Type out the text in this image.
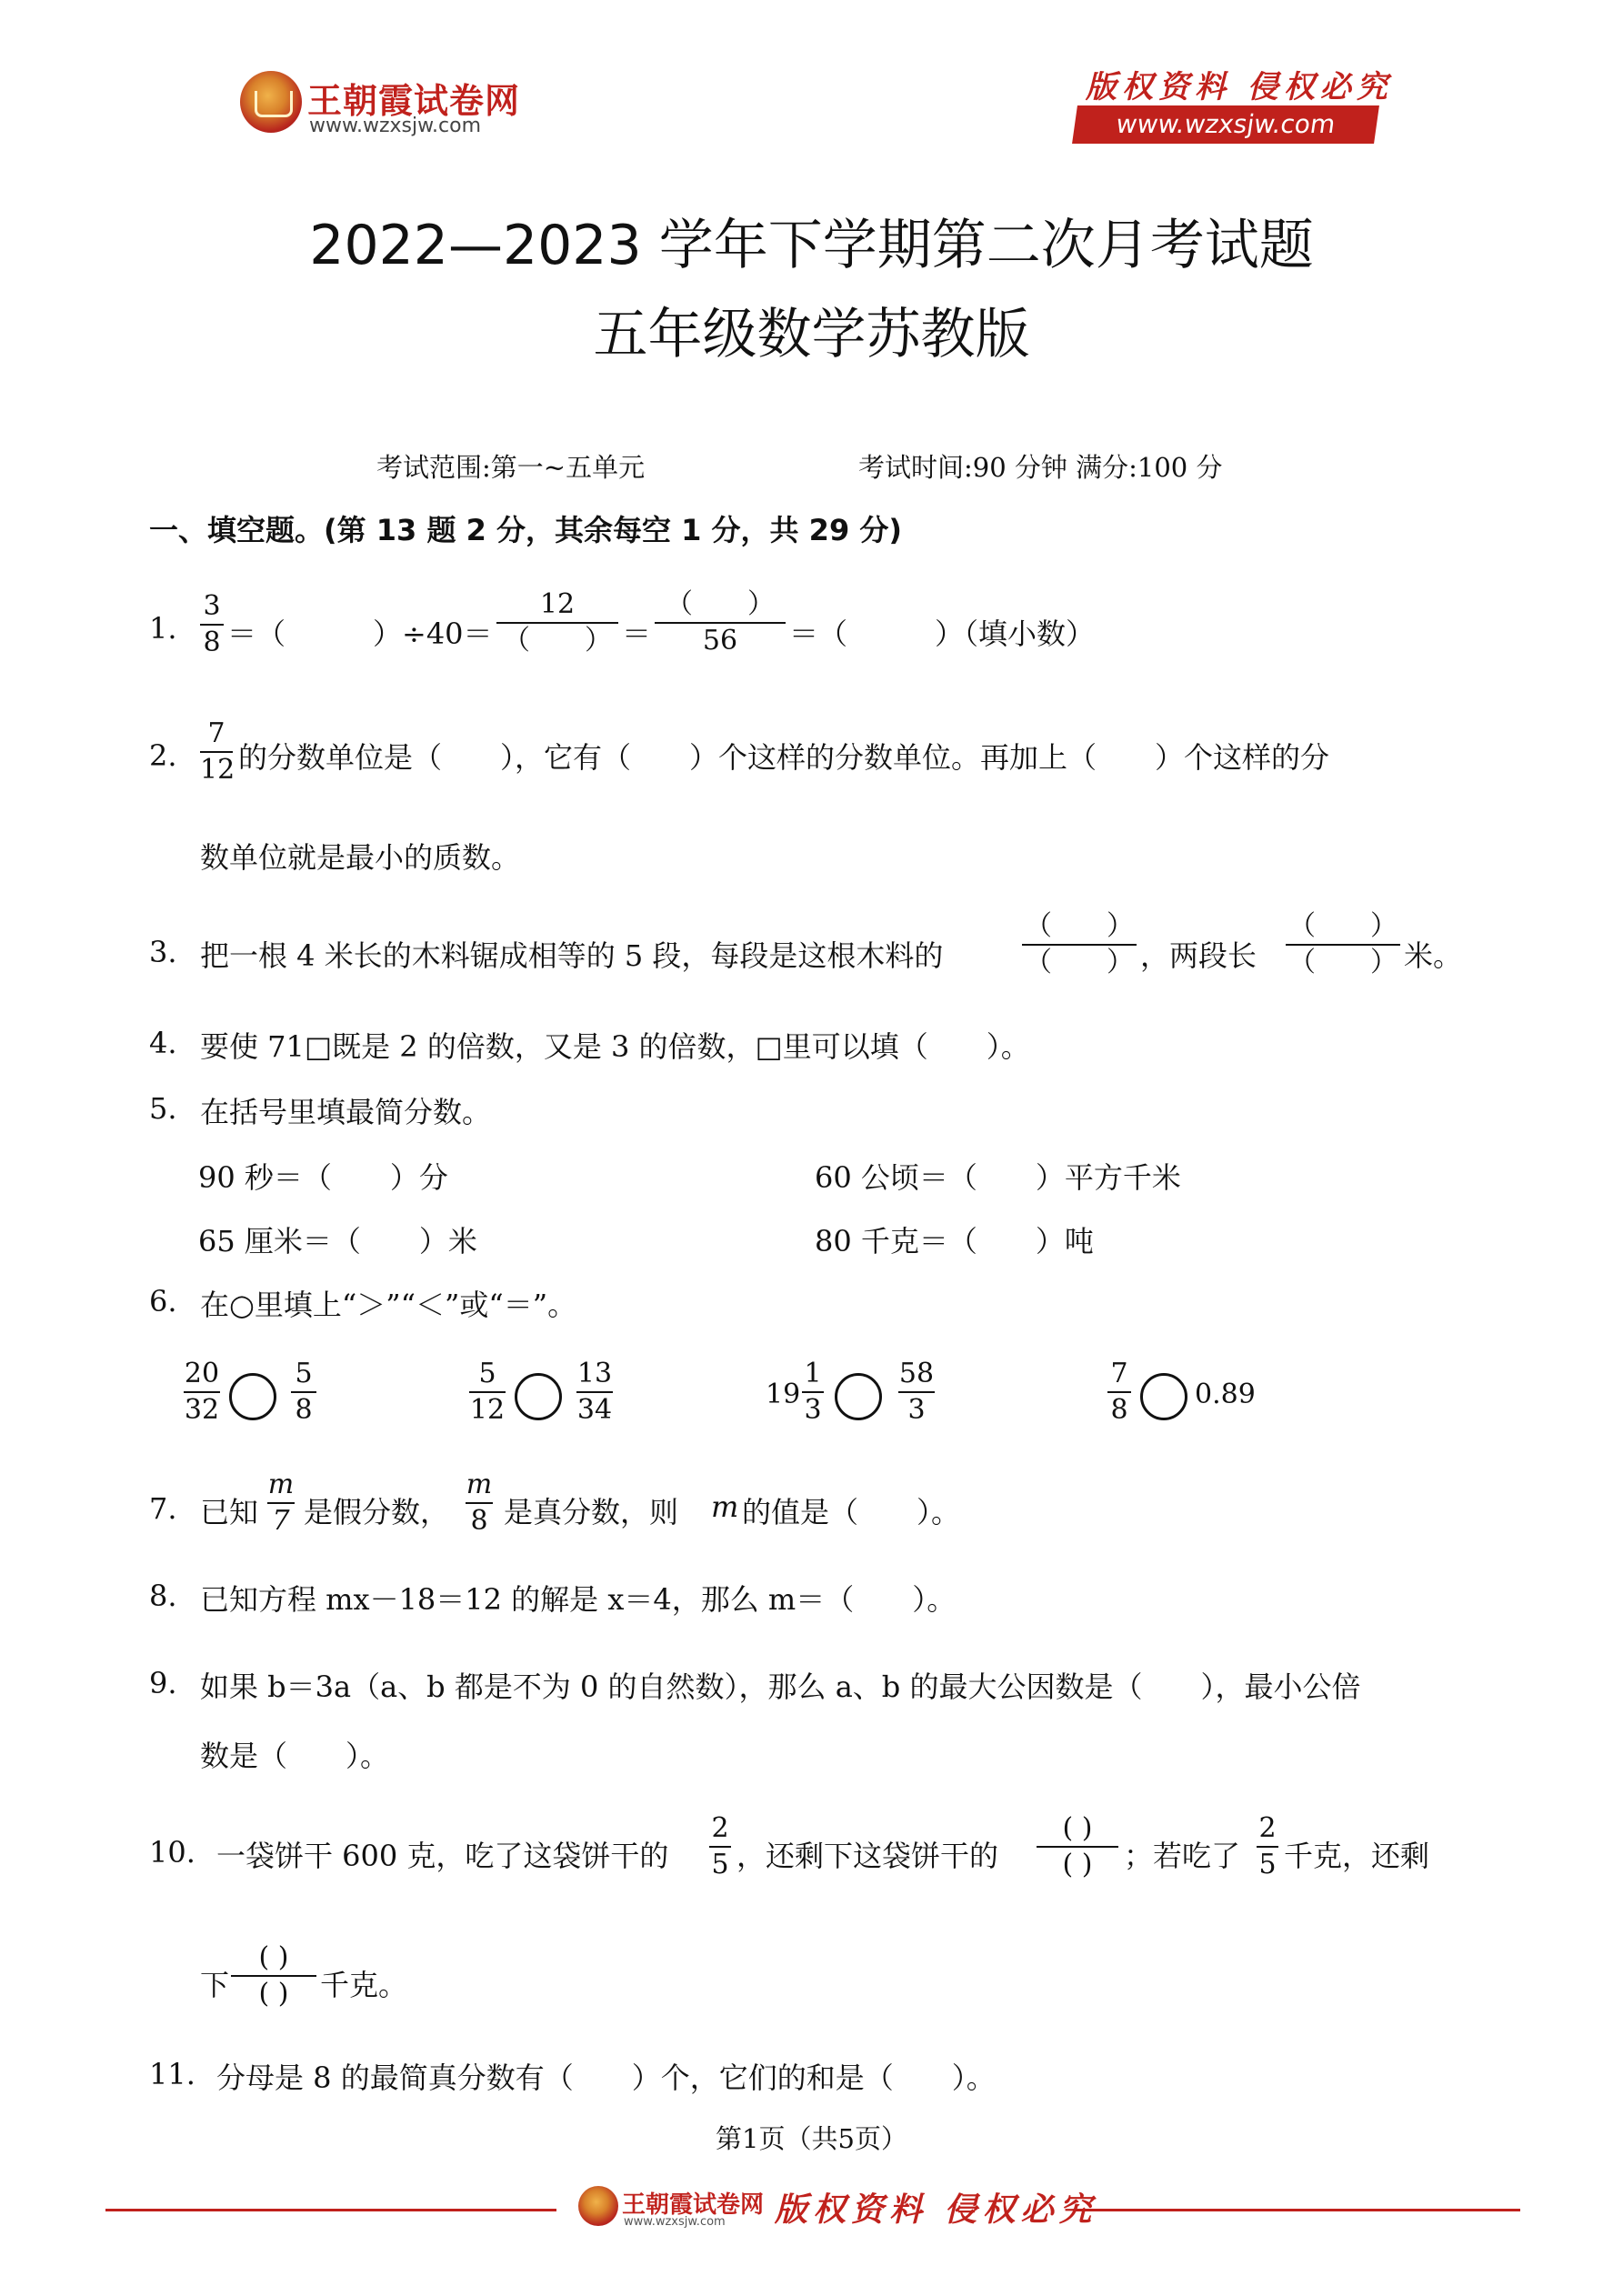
王朝霞试卷网
www.wzxsjw.com
版权资料 侵权必究
www.wzxsjw.com
2022—2023 学年下学期第二次月考试题
五年级数学苏教版
考试范围:第一~五单元	考试时间:90 分钟 满分:100 分
一、填空题。(第 13 题 2 分，其余每空 1 分，共 29 分)
1.
3
8 ＝（　　　）÷40＝
12
（　　） ＝
（　　）
56	＝（　　　）（填小数）
2.
7
12 的分数单位是（　　），它有（　　）个这样的分数单位。再加上（　　）个这样的分
数单位就是最小的质数。
3. 把一根 4 米长的木料锯成相等的 5 段，每段是这根木料的
（　　）
（　　） ，两段长
（　　）
（　　） 米。
4. 要使 71□既是 2 的倍数，又是 3 的倍数，□里可以填（　　）。
5. 在括号里填最简分数。
90 秒＝（　　）分	60 公顷＝（　　）平方千米
65 厘米＝（　　）米	80 千克＝（　　）吨
6. 在○里填上“＞”“＜”或“＝”。
20
32
5
8
5
12
13
34	19
1
3
58
3
7
8 0.89
7. 已知
m
7 是假分数，
m
8 是真分数，则 m 的值是（　　）。
8. 已知方程 mx－18＝12 的解是 x＝4，那么 m＝（　　）。
9. 如果 b＝3a（a、b 都是不为 0 的自然数），那么 a、b 的最大公因数是（　　），最小公倍
数是（　　）。
10. 一袋饼干 600 克，吃了这袋饼干的
2
5 ，还剩下这袋饼干的
( )
( )	；若吃了
2
5 千克，还剩
下
( )
( )	千克。
11. 分母是 8 的最简真分数有（　　）个，它们的和是（　　）。
第1页（共5页）
王朝霞试卷网
www.wzxsjw.com 版权资料 侵权必究
